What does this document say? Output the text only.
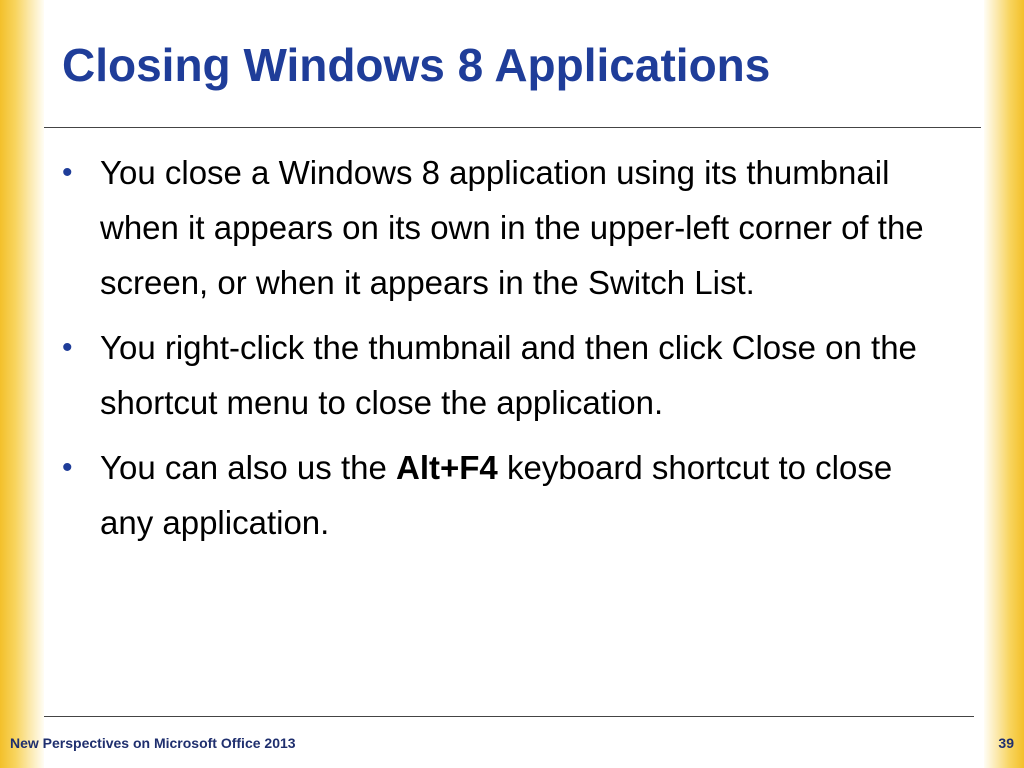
Closing Windows 8 Applications
• You close a Windows 8 application using its thumbnail when it appears on its own in the upper-left corner of the screen, or when it appears in the Switch List.
• You right-click the thumbnail and then click Close on the shortcut menu to close the application.
• You can also us the Alt+F4 keyboard shortcut to close any application.
New Perspectives on Microsoft Office 2013	39
